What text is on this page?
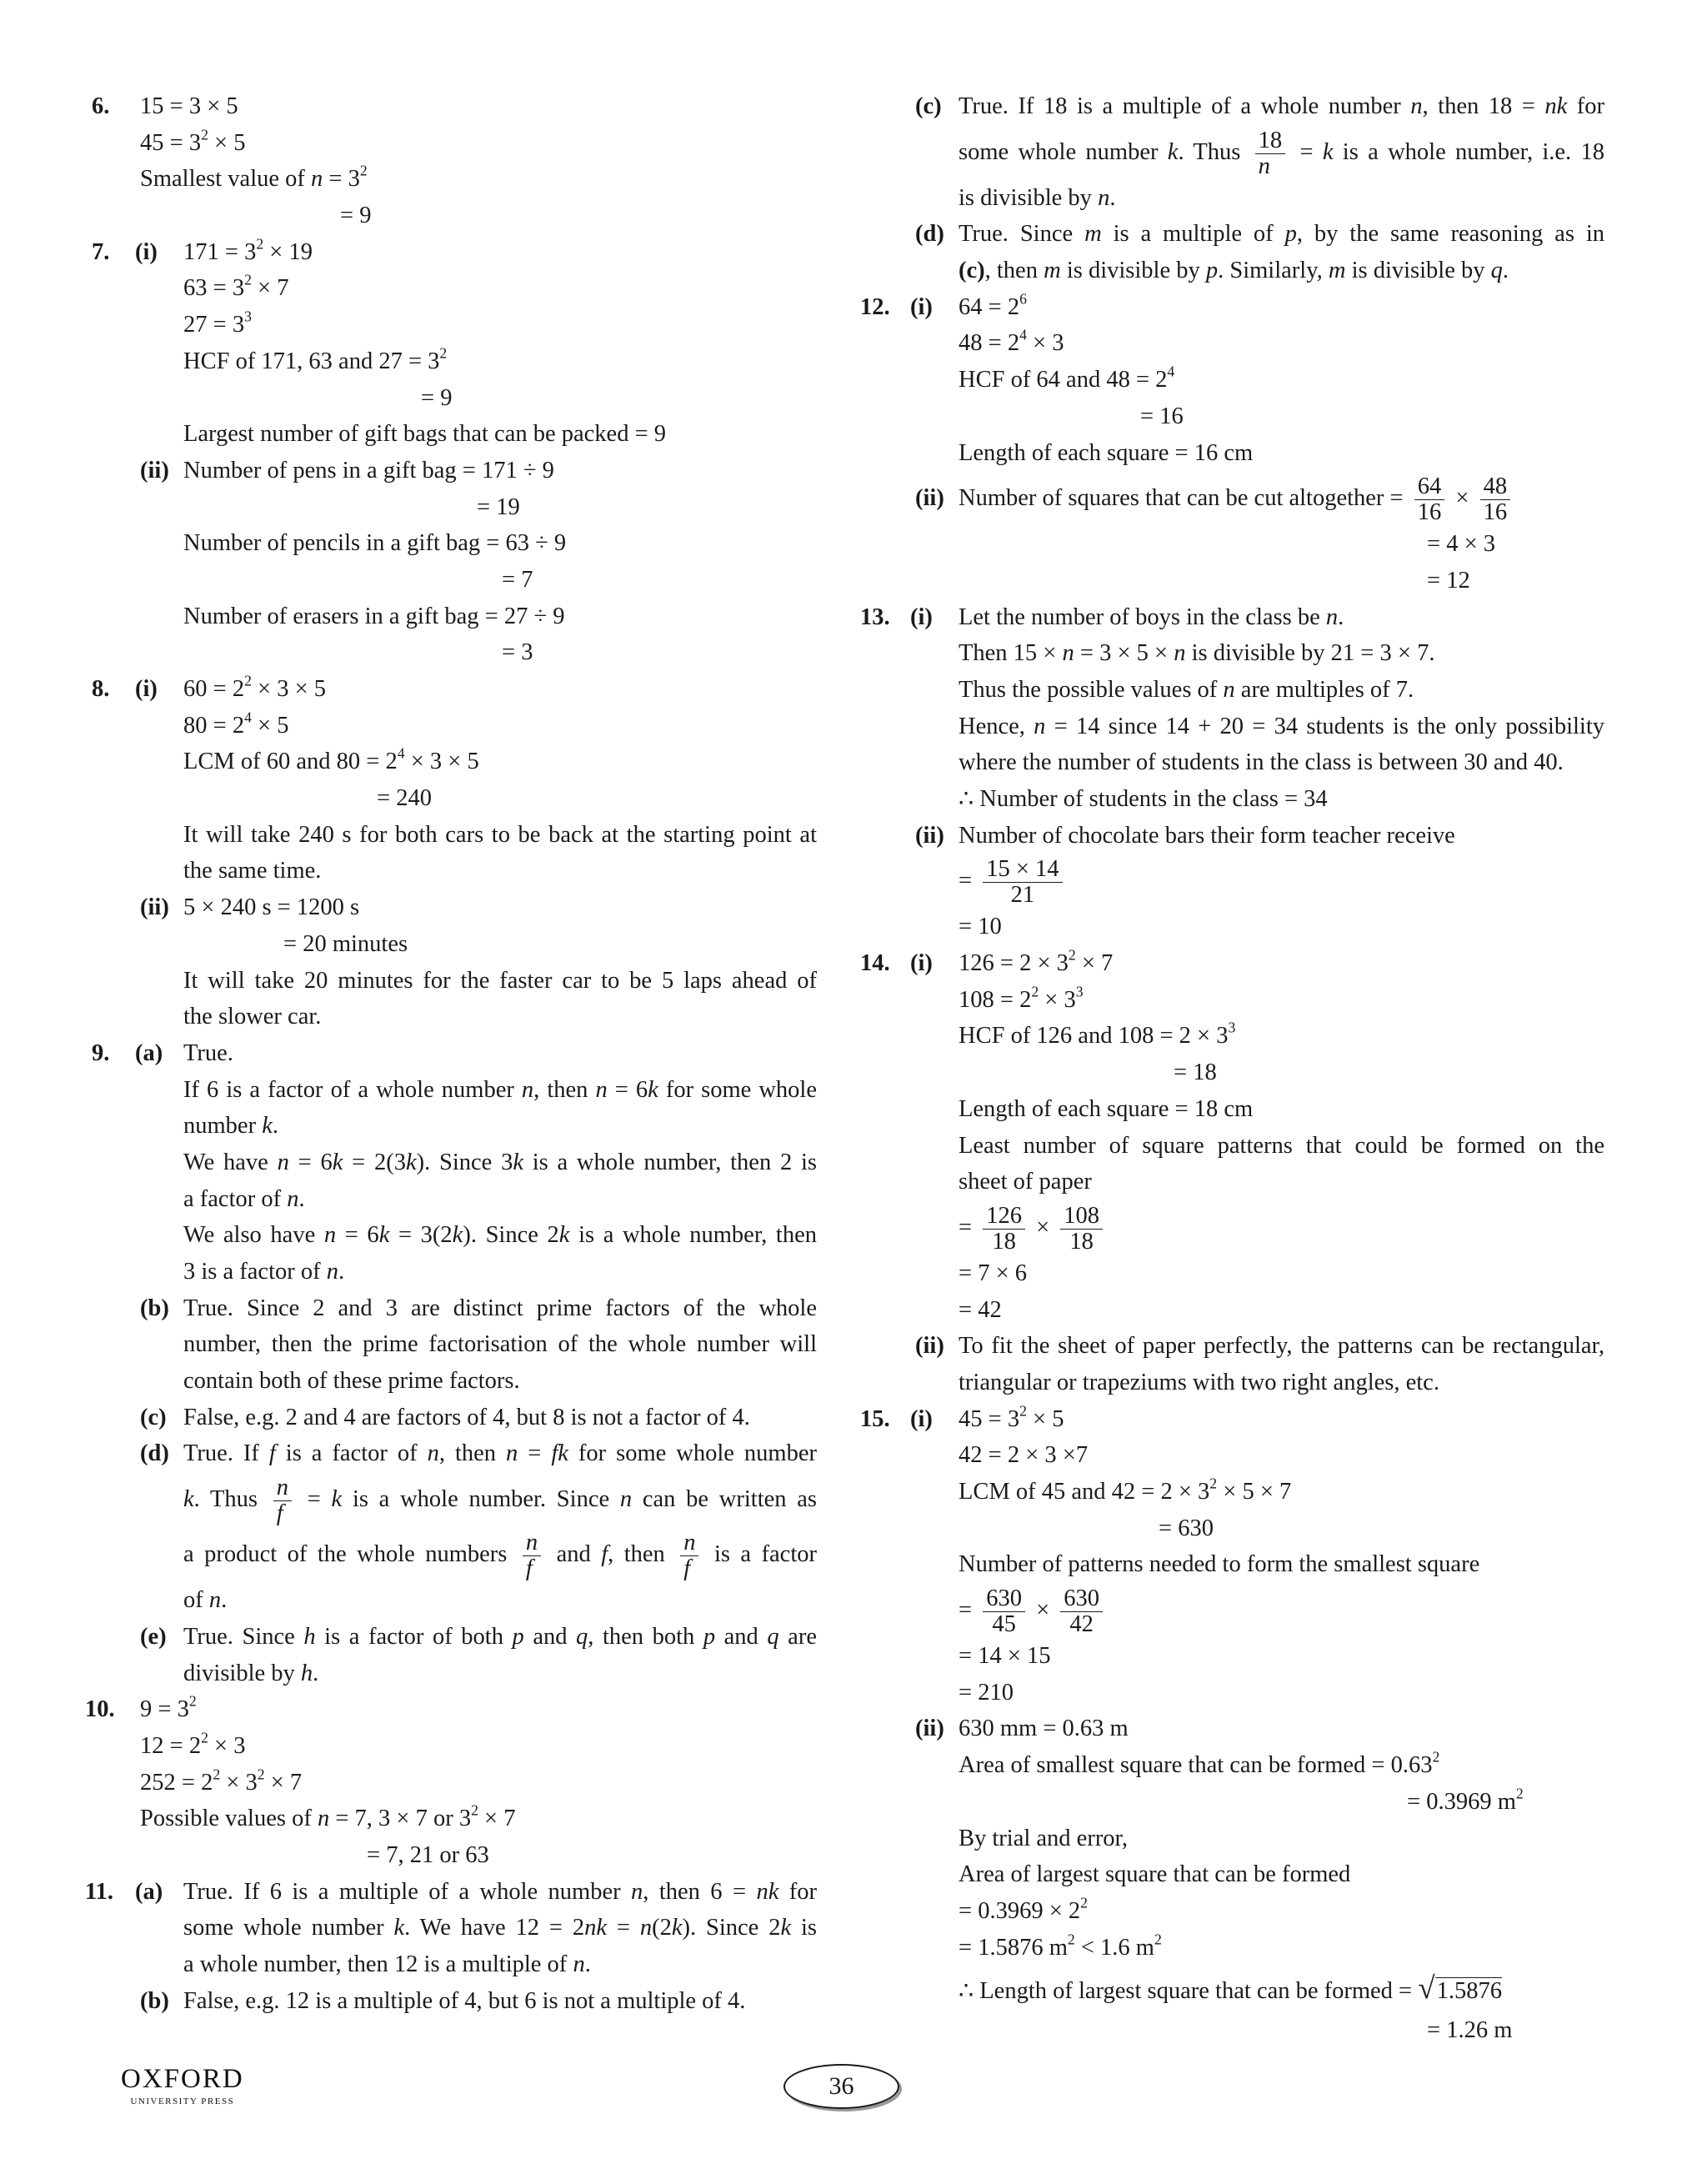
6. 15 = 3 × 5
$45 = 3^2 \times 5$
Smallest value of $n = 3^2$
= 9
7. (i) $171 = 3^2 \times 19$
$63 = 3^2 \times 7$
$27 = 3^3$
HCF of 171, 63 and $27 = 3^2$
= 9
Largest number of gift bags that can be packed = 9
(ii) Number of pens in a gift bag = 171 ÷ 9
= 19
Number of pencils in a gift bag = 63 ÷ 9
= 7
Number of erasers in a gift bag = 27 ÷ 9
= 3
8. (i) $60 = 2^2 \times 3 \times 5$
$80 = 2^4 \times 5$
LCM of 60 and $80 = 2^4 \times 3 \times 5$
= 240
It will take 240 s for both cars to be back at the starting point at
the same time.
(ii) 5 × 240 s = 1200 s
= 20 minutes
It will take 20 minutes for the faster car to be 5 laps ahead of
the slower car.
9. (a) True.
If 6 is a factor of a whole number n, then n = 6k for some whole
number k.
We have n = 6k = 2(3k). Since 3k is a whole number, then 2 is
a factor of n.
We also have n = 6k = 3(2k). Since 2k is a whole number, then
3 is a factor of n.
(b) True. Since 2 and 3 are distinct prime factors of the whole
number, then the prime factorisation of the whole number will
contain both of these prime factors.
(c) False, e.g. 2 and 4 are factors of 4, but 8 is not a factor of 4.
(d) True. If f is a factor of n, then n = fk for some whole number
k. Thus $\frac{n}{f} = k$ is a whole number. Since n can be written as
a product of the whole numbers $\frac{n}{f}$ and f, then $\frac{n}{f}$ is a factor
of n.
(e) True. Since h is a factor of both p and q, then both p and q are
divisible by h.
10. $9 = 3^2$
$12 = 2^2 \times 3$
$252 = 2^2 \times 3^2 \times 7$
Possible values of n = 7, 3 × 7 or $3^2 \times 7$
= 7, 21 or 63
11. (a) True. If 6 is a multiple of a whole number n, then 6 = nk for
some whole number k. We have 12 = 2nk = n(2k). Since 2k is
a whole number, then 12 is a multiple of n.
(b) False, e.g. 12 is a multiple of 4, but 6 is not a multiple of 4.
(c) True. If 18 is a multiple of a whole number n, then 18 = nk for
some whole number k. Thus $\frac{18}{n} = k$ is a whole number, i.e. 18
is divisible by n.
(d) True. Since m is a multiple of p, by the same reasoning as in
(c), then m is divisible by p. Similarly, m is divisible by q.
12. (i) $64 = 2^6$
$48 = 2^4 \times 3$
HCF of 64 and $48 = 2^4$
= 16
Length of each square = 16 cm
(ii) Number of squares that can be cut altogether = $\frac{64}{16} \times \frac{48}{16}$
= 4 × 3
= 12
13. (i) Let the number of boys in the class be n.
Then 15 × n = 3 × 5 × n is divisible by 21 = 3 × 7.
Thus the possible values of n are multiples of 7.
Hence, n = 14 since 14 + 20 = 34 students is the only possibility
where the number of students in the class is between 30 and 40.
∴ Number of students in the class = 34
(ii) Number of chocolate bars their form teacher receive
= $\frac{15 \times 14}{21}$
= 10
14. (i) $126 = 2 \times 3^2 \times 7$
$108 = 2^2 \times 3^3$
HCF of 126 and $108 = 2 \times 3^3$
= 18
Length of each square = 18 cm
Least number of square patterns that could be formed on the
sheet of paper
= $\frac{126}{18} \times \frac{108}{18}$
= 7 × 6
= 42
(ii) To fit the sheet of paper perfectly, the patterns can be rectangular,
triangular or trapeziums with two right angles, etc.
15. (i) $45 = 3^2 \times 5$
42 = 2 × 3 ×7
LCM of 45 and $42 = 2 \times 3^2 \times 5 \times 7$
= 630
Number of patterns needed to form the smallest square
= $\frac{630}{45} \times \frac{630}{42}$
= 14 × 15
= 210
(ii) 630 mm = 0.63 m
Area of smallest square that can be formed = $0.63^2$
= 0.3969 $m^2$
By trial and error,
Area of largest square that can be formed
= $0.3969 \times 2^2$
= 1.5876 $m^2 < 1.6$ $m^2$
∴ Length of largest square that can be formed = √1.5876
= 1.26 m
OXFORD
UNIVERSITY PRESS
36
